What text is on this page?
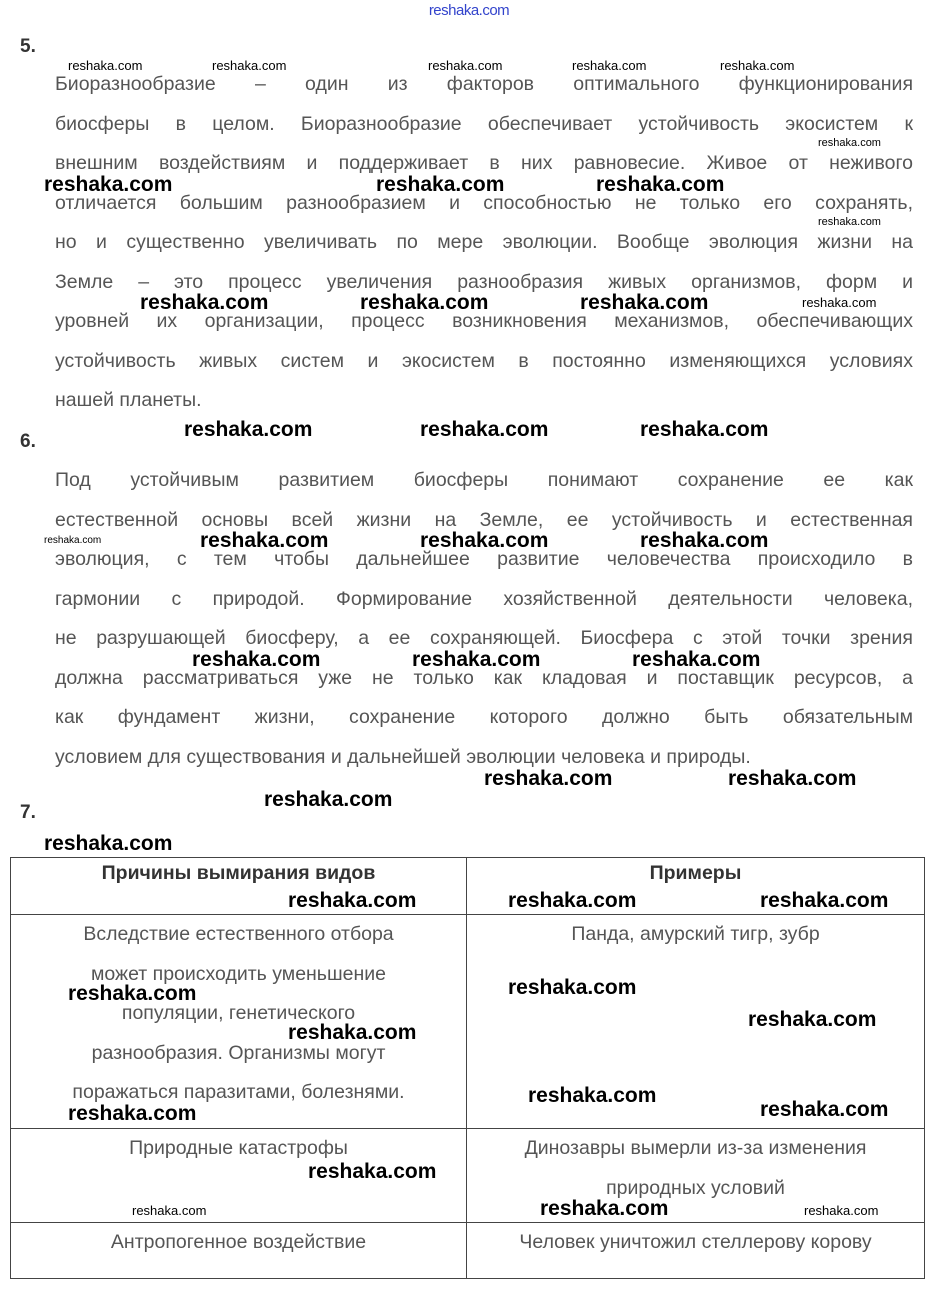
reshaka.com
5.
Биоразнообразие – один из факторов оптимального функционирования
биосферы в целом. Биоразнообразие обеспечивает устойчивость экосистем к
внешним воздействиям и поддерживает в них равновесие. Живое от неживого
отличается большим разнообразием и способностью не только его сохранять,
но и существенно увеличивать по мере эволюции. Вообще эволюция жизни на
Земле – это процесс увеличения разнообразия живых организмов, форм и
уровней их организации, процесс возникновения механизмов, обеспечивающих
устойчивость живых систем и экосистем в постоянно изменяющихся условиях
нашей планеты.
6.
Под устойчивым развитием биосферы понимают сохранение ее как
естественной основы всей жизни на Земле, ее устойчивость и естественная
эволюция, с тем чтобы дальнейшее развитие человечества происходило в
гармонии с природой. Формирование хозяйственной деятельности человека,
не разрушающей биосферу, а ее сохраняющей. Биосфера с этой точки зрения
должна рассматриваться уже не только как кладовая и поставщик ресурсов, а
как фундамент жизни, сохранение которого должно быть обязательным
условием для существования и дальнейшей эволюции человека и природы.
7.
Причины вымирания видов	Примеры

Вследствие естественного отбора
может происходить уменьшение
популяции, генетического
разнообразия. Организмы могут
поражаться паразитами, болезнями.	Панда, амурский тигр, зубр

Природные катастрофы	Динозавры вымерли из-за изменения
природных условий

Антропогенное воздействие	Человек уничтожил стеллерову корову
reshaka.com	reshaka.com	reshaka.com	reshaka.com	reshaka.com
reshaka.com
reshaka.com	reshaka.com	reshaka.com
reshaka.com
reshaka.com	reshaka.com	reshaka.com	reshaka.com
reshaka.com
reshaka.com	reshaka.com
reshaka.com	reshaka.com	reshaka.com	reshaka.com
reshaka.com	reshaka.com	reshaka.com
reshaka.com	reshaka.com
reshaka.com
reshaka.com
reshaka.com	reshaka.com
reshaka.com
reshaka.com	reshaka.com
reshaka.com
reshaka.com
reshaka.com
reshaka.com	reshaka.com
reshaka.com
reshaka.com
reshaka.com	reshaka.com
